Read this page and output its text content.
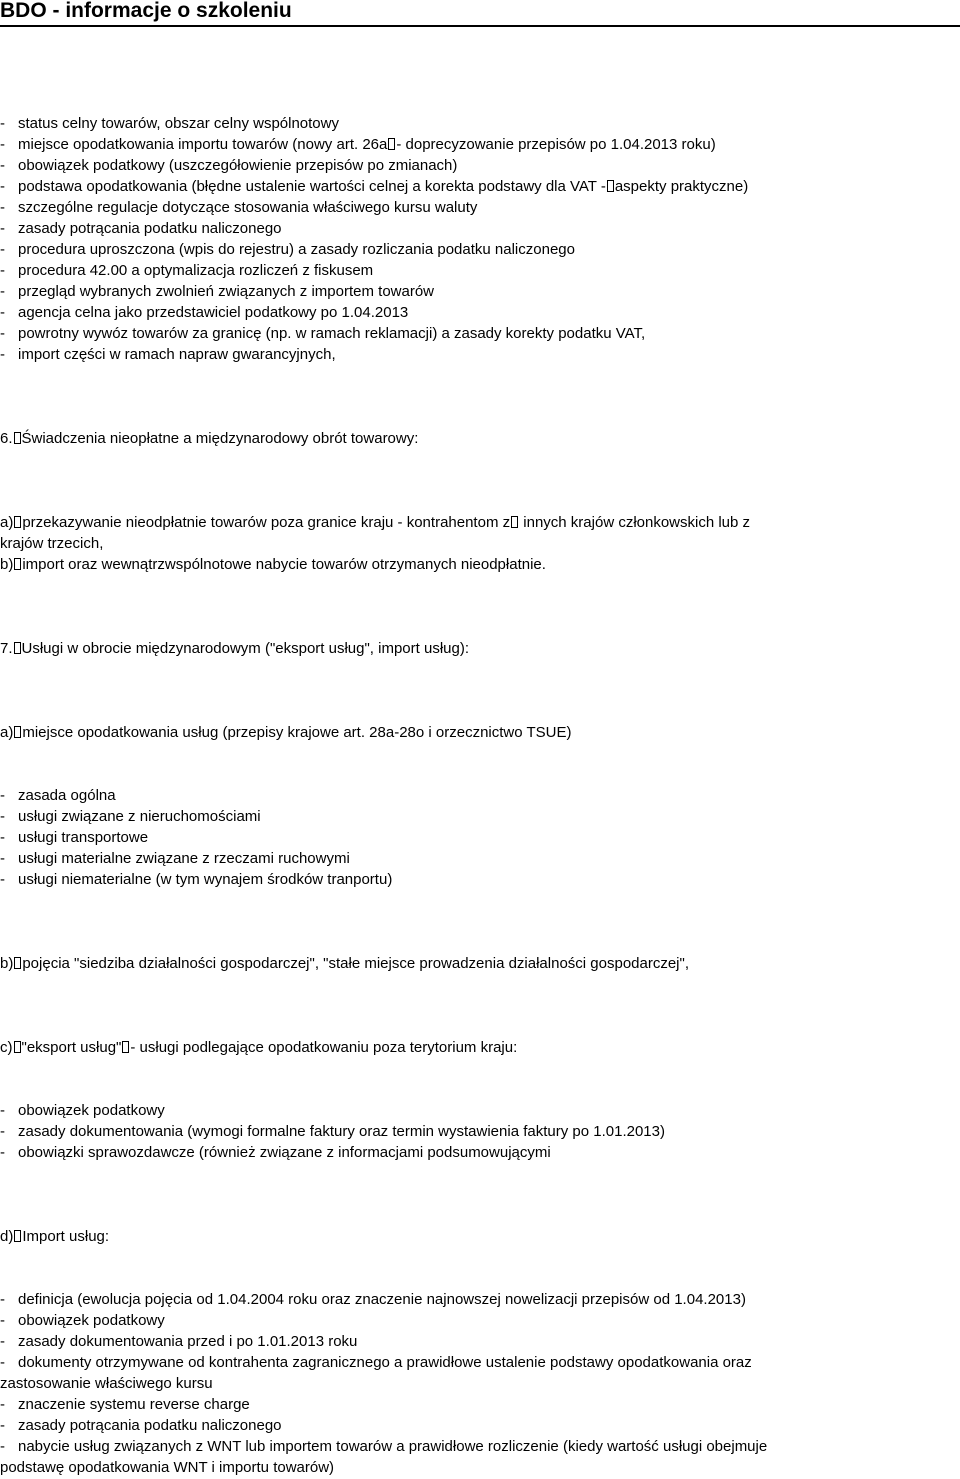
BDO - informacje o szkoleniu

- status celny towarów, obszar celny wspólnotowy

- miejsce opodatkowania importu towarów (nowy art. 26a - doprecyzowanie przepisów po 1.04.2013 roku)

- obowiązek podatkowy (uszczegółowienie przepisów po zmianach)

- podstawa opodatkowania (błędne ustalenie wartości celnej a korekta podstawy dla VAT - aspekty praktyczne)

- szczególne regulacje dotyczące stosowania właściwego kursu waluty

- zasady potrącania podatku naliczonego

- procedura uproszczona (wpis do rejestru) a zasady rozliczania podatku naliczonego

- procedura 42.00 a optymalizacja rozliczeń z fiskusem

- przegląd wybranych zwolnień związanych z importem towarów

- agencja celna jako przedstawiciel podatkowy po 1.04.2013

- powrotny wywóz towarów za granicę (np. w ramach reklamacji) a zasady korekty podatku VAT,

- import części w ramach napraw gwarancyjnych,

6. Świadczenia nieopłatne a międzynarodowy obrót towarowy:

a) przekazywanie nieodpłatnie towarów poza granice kraju - kontrahentom z innych krajów członkowskich lub z

krajów trzecich,

b) import oraz wewnątrzwspólnotowe nabycie towarów otrzymanych nieodpłatnie.

7. Usługi w obrocie międzynarodowym ("eksport usług", import usług):

a) miejsce opodatkowania usług (przepisy krajowe art. 28a-28o i orzecznictwo TSUE)

- zasada ogólna

- usługi związane z nieruchomościami

- usługi transportowe

- usługi materialne związane z rzeczami ruchowymi

- usługi niematerialne (w tym wynajem środków tranportu)

b) pojęcia "siedziba działalności gospodarczej", "stałe miejsce prowadzenia działalności gospodarczej",

c) "eksport usług" - usługi podlegające opodatkowaniu poza terytorium kraju:

- obowiązek podatkowy

- zasady dokumentowania (wymogi formalne faktury oraz termin wystawienia faktury po 1.01.2013)

- obowiązki sprawozdawcze (również związane z informacjami podsumowującymi

d) Import usług:

- definicja (ewolucja pojęcia od 1.04.2004 roku oraz znaczenie najnowszej nowelizacji przepisów od 1.04.2013)

- obowiązek podatkowy

- zasady dokumentowania przed i po 1.01.2013 roku

- dokumenty otrzymywane od kontrahenta zagranicznego a prawidłowe ustalenie podstawy opodatkowania oraz

zastosowanie właściwego kursu

- znaczenie systemu reverse charge

- zasady potrącania podatku naliczonego

- nabycie usług związanych z WNT lub importem towarów a prawidłowe rozliczenie (kiedy wartość usługi obejmuje

podstawę opodatkowania WNT i importu towarów)
